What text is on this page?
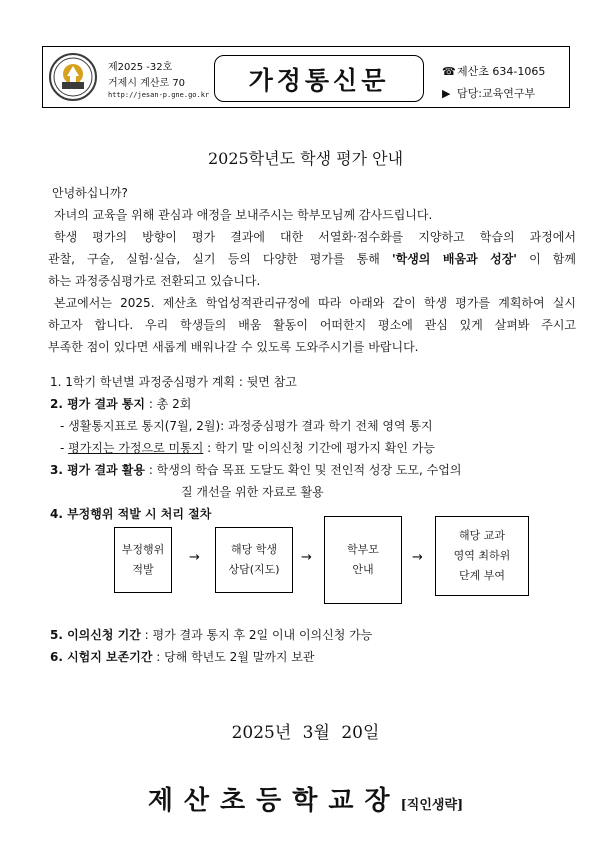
제2025 -32호
거제시 계산로 70
http://jesan-p.gne.go.kr
가정통신문	☎제산초 634-1065
▶ 담당:교육연구부
2025학년도 학생 평가 안내
안녕하십니까?
자녀의 교육을 위해 관심과 애정을 보내주시는 학부모님께 감사드립니다.
학생 평가의 방향이 평가 결과에 대한 서열화·점수화를 지양하고 학습의 과정에서
관찰, 구술, 실험·실습, 실기 등의 다양한 평가를 통해 '학생의 배움과 성장' 이 함께
하는 과정중심평가로 전환되고 있습니다.
본교에서는 2025. 제산초 학업성적관리규정에 따라 아래와 같이 학생 평가를 계획하여 실시
하고자 합니다. 우리 학생들의 배움 활동이 어떠한지 평소에 관심 있게 살펴봐 주시고
부족한 점이 있다면 새롭게 배워나갈 수 있도록 도와주시기를 바랍니다.
1. 1학기 학년별 과정중심평가 계획 : 뒷면 참고
2. 평가 결과 통지 : 총 2회
- 생활통지표로 통지(7월, 2월): 과정중심평가 결과 학기 전체 영역 통지
- 평가지는 가정으로 미통지 : 학기 말 이의신청 기간에 평가지 확인 가능
3. 평가 결과 활용 : 학생의 학습 목표 도달도 확인 및 전인적 성장 도모, 수업의
질 개선을 위한 자료로 활용
4. 부정행위 적발 시 처리 절차
부정행위
적발
→
해당 학생
상담(지도)
→
학부모
안내
→
해당 교과
영역 최하위
단계 부여
5. 이의신청 기간 : 평가 결과 통지 후 2일 이내 이의신청 가능
6. 시험지 보존기간 : 당해 학년도 2월 말까지 보관
2025년 3월 20일
제산초등학교장[직인생략]
